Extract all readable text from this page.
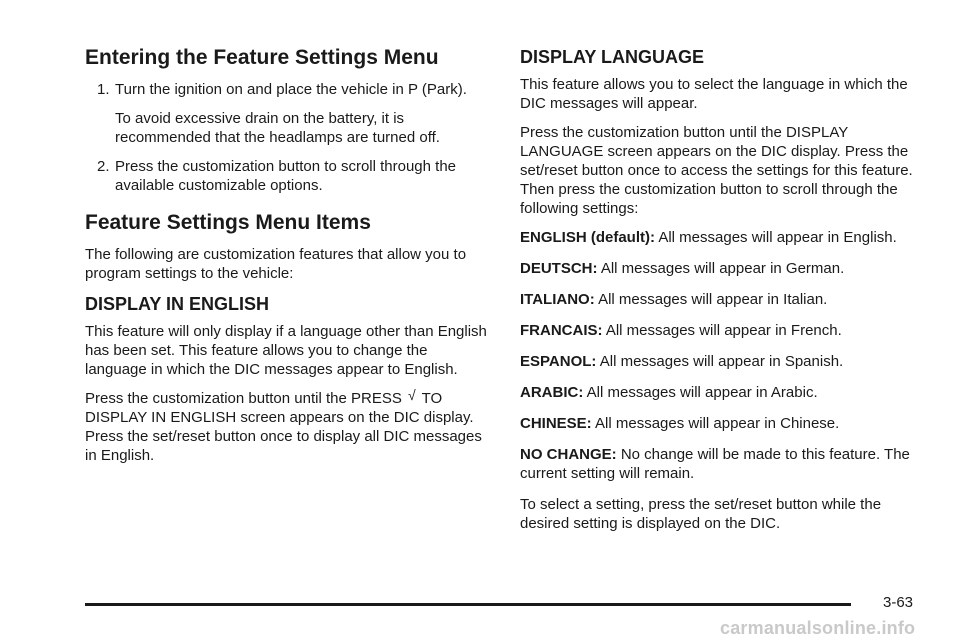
Entering the Feature Settings Menu
1. Turn the ignition on and place the vehicle in P (Park).

To avoid excessive drain on the battery, it is recommended that the headlamps are turned off.

2. Press the customization button to scroll through the available customizable options.
Feature Settings Menu Items

The following are customization features that allow you to program settings to the vehicle:

DISPLAY IN ENGLISH

This feature will only display if a language other than English has been set. This feature allows you to change the language in which the DIC messages appear to English.

Press the customization button until the PRESS √ TO DISPLAY IN ENGLISH screen appears on the DIC display. Press the set/reset button once to display all DIC messages in English.

DISPLAY LANGUAGE

This feature allows you to select the language in which the DIC messages will appear.

Press the customization button until the DISPLAY LANGUAGE screen appears on the DIC display. Press the set/reset button once to access the settings for this feature. Then press the customization button to scroll through the following settings:

ENGLISH (default): All messages will appear in English.

DEUTSCH: All messages will appear in German.

ITALIANO: All messages will appear in Italian.

FRANCAIS: All messages will appear in French.

ESPANOL: All messages will appear in Spanish.

ARABIC: All messages will appear in Arabic.

CHINESE: All messages will appear in Chinese.

NO CHANGE: No change will be made to this feature. The current setting will remain.

To select a setting, press the set/reset button while the desired setting is displayed on the DIC.

3-63
carmanualsonline.info
